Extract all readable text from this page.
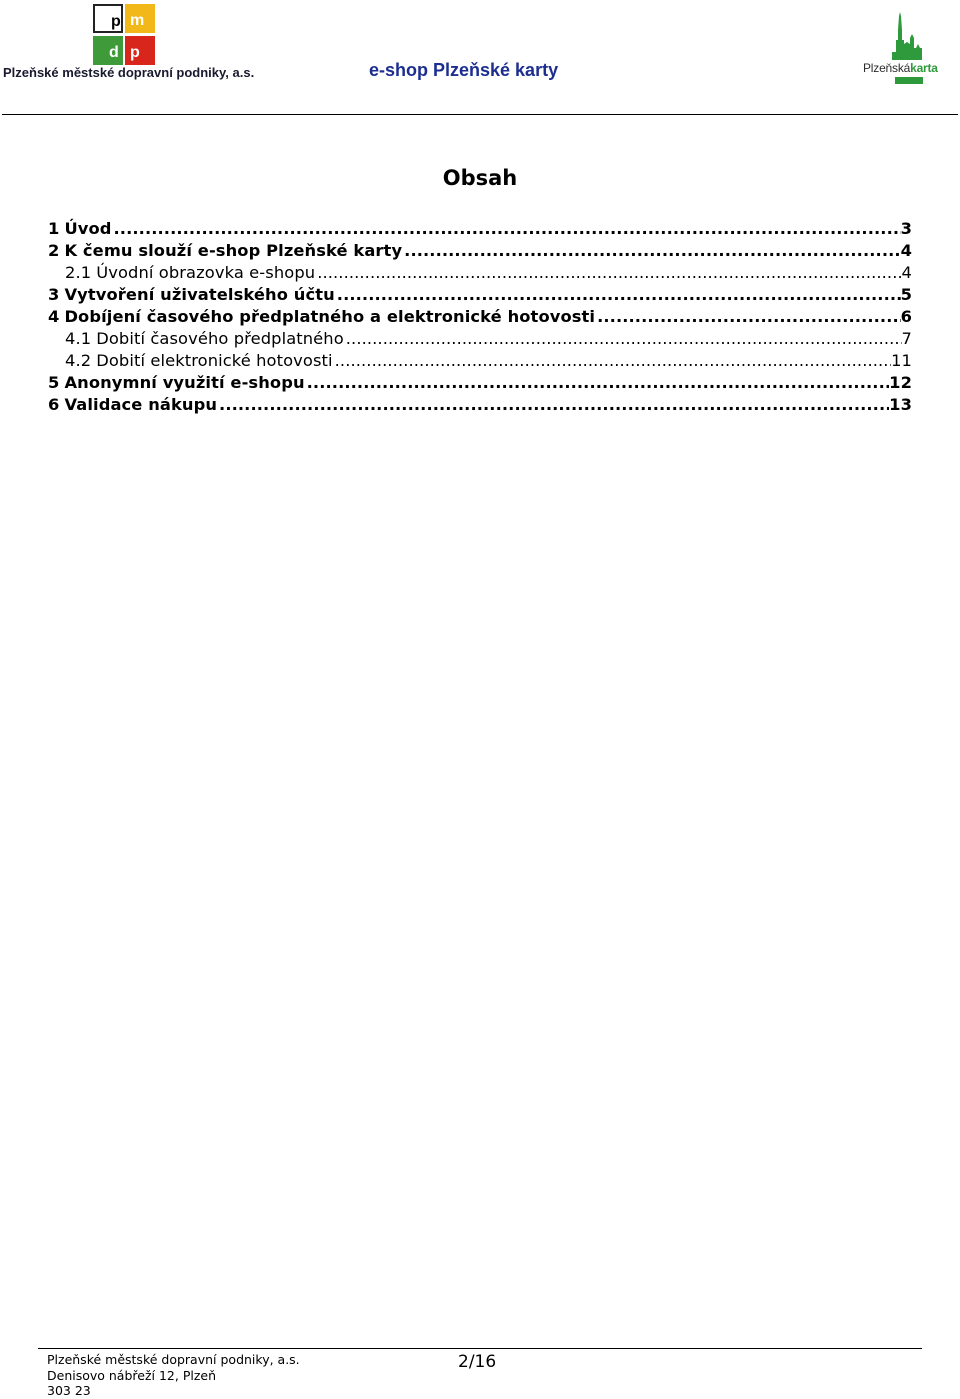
p m
d p
Plzeňské městské dopravní podniky, a.s.	e-shop Plzeňské karty	Plzeňskákarta
Obsah
1 Úvod .....	3
2 K čemu slouží e-shop Plzeňské karty .....	4
2.1 Úvodní obrazovka e-shopu .....	4
3 Vytvoření uživatelského účtu .....	5
4 Dobíjení časového předplatného a elektronické hotovosti .....	6
4.1 Dobití časového předplatného .....	7
4.2 Dobití elektronické hotovosti .....	11
5 Anonymní využití e-shopu .....	12
6 Validace nákupu .....	13
Plzeňské městské dopravní podniky, a.s.
Denisovo nábřeží 12, Plzeň
303 23
2/16
